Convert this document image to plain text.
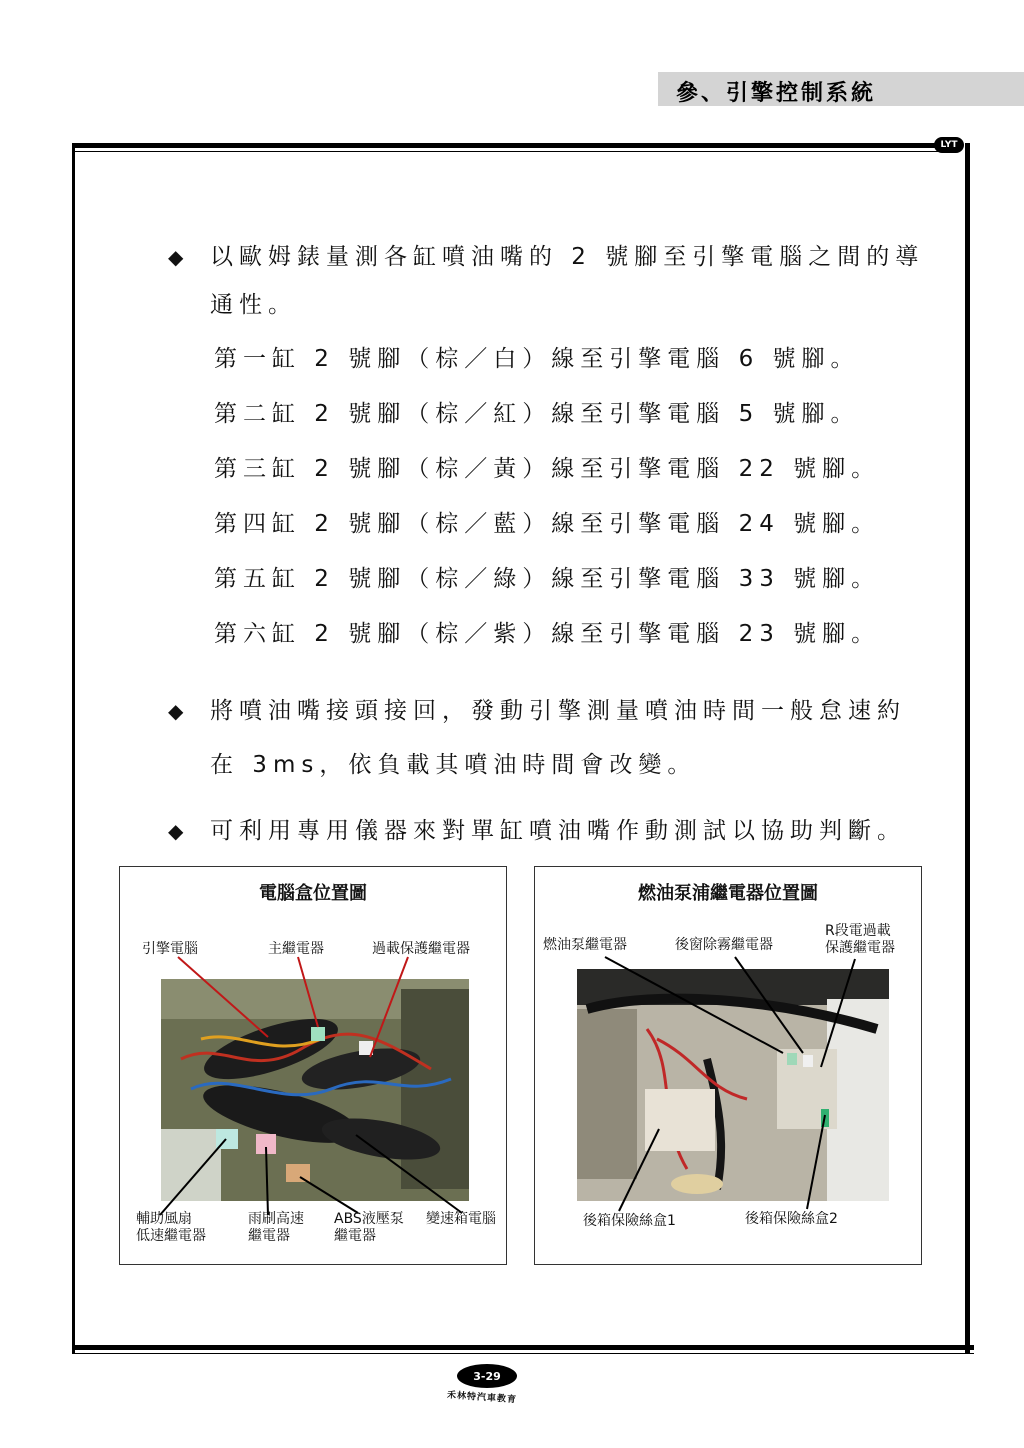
參、引擎控制系統
LYT
◆ 以歐姆錶量測各缸噴油嘴的 2 號腳至引擎電腦之間的導
通性。
第一缸 2 號腳（棕／白）線至引擎電腦 6 號腳。
第二缸 2 號腳（棕／紅）線至引擎電腦 5 號腳。
第三缸 2 號腳（棕／黃）線至引擎電腦 22 號腳。
第四缸 2 號腳（棕／藍）線至引擎電腦 24 號腳。
第五缸 2 號腳（棕／綠）線至引擎電腦 33 號腳。
第六缸 2 號腳（棕／紫）線至引擎電腦 23 號腳。
◆ 將噴油嘴接頭接回，發動引擎測量噴油時間一般怠速約
在 3ms，依負載其噴油時間會改變。
◆ 可利用專用儀器來對單缸噴油嘴作動測試以協助判斷。
電腦盒位置圖
引擎電腦	主繼電器	過載保護繼電器
輔助風扇
低速繼電器
雨刷高速
繼電器
ABS液壓泵
繼電器
變速箱電腦
燃油泵浦繼電器位置圖
燃油泵繼電器	後窗除霧繼電器
R段電過載
保護繼電器
後箱保險絲盒1	後箱保險絲盒2
3-29
禾林特汽車教育
